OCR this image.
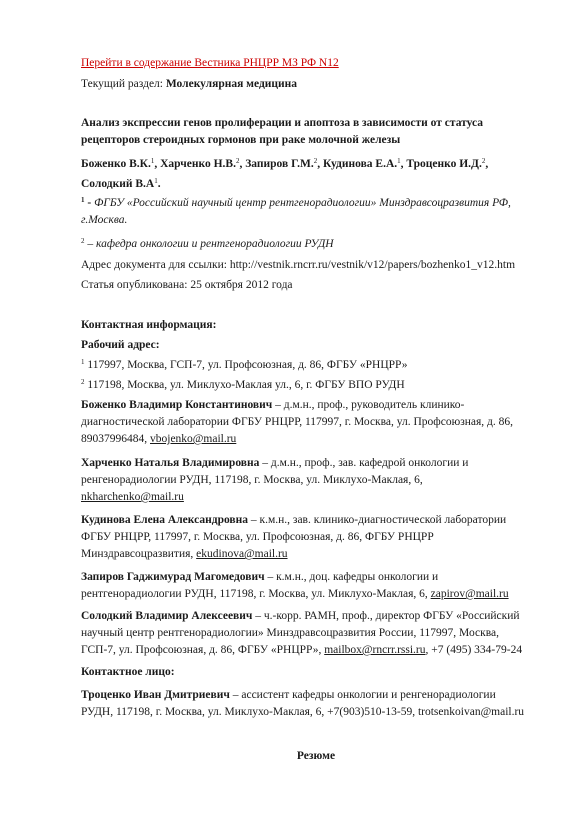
Перейти в содержание Вестника РНЦРР МЗ РФ N12
Текущий раздел: Молекулярная медицина
Анализ экспрессии генов пролиферации и апоптоза в зависимости от статуса
рецепторов стероидных гормонов при раке молочной железы
Боженко В.К.$^1$, Харченко Н.В.$^2$, Запиров Г.М.$^2$, Кудинова Е.А.$^1$, Троценко И.Д.$^2$,
Солодкий $В.А^1$.
$^1$ - ФГБУ «Российский научный центр рентгенорадиологии» Минздравсоцразвития РФ,
г.Москва.
$^2$ – кафедра онкологии и рентгенорадиологии РУДН
Адрес документа для ссылки: http://vestnik.rncrr.ru/vestnik/v12/papers/bozhenko1_v12.htm
Статья опубликована: 25 октября 2012 года
Контактная информация:
Рабочий адрес:
$^1$ 117997, Москва, ГСП-7, ул. Профсоюзная, д. 86, ФГБУ «РНЦРР»
$^2$ 117198, Москва, ул. Миклухо-Маклая ул., 6, г. ФГБУ ВПО РУДН
Боженко Владимир Константинович – д.м.н., проф., руководитель клинико-
диагностической лаборатории ФГБУ РНЦРР, 117997, г. Москва, ул. Профсоюзная, д. 86,
89037996484, vbojenko@mail.ru
Харченко Наталья Владимировна – д.м.н., проф., зав. кафедрой онкологии и
ренгенорадиологии РУДН, 117198, г. Москва, ул. Миклухо-Маклая, 6,
nkharchenko@mail.ru
Кудинова Елена Александровна – к.м.н., зав. клинико-диагностической лаборатории
ФГБУ РНЦРР, 117997, г. Москва, ул. Профсоюзная, д. 86, ФГБУ РНЦРР
Минздравсоцразвития, ekudinova@mail.ru
Запиров Гаджимурад Магомедович – к.м.н., доц. кафедры онкологии и
рентгенорадиологии РУДН, 117198, г. Москва, ул. Миклухо-Маклая, 6, zapirov@mail.ru
Солодкий Владимир Алексеевич – ч.-корр. РАМН, проф., директор ФГБУ «Российский
научный центр рентгенорадиологии» Минздравсоцразвития России, 117997, Москва,
ГСП-7, ул. Профсоюзная, д. 86, ФГБУ «РНЦРР», mailbox@rncrr.rssi.ru, +7 (495) 334-79-24
Контактное лицо:
Троценко Иван Дмитриевич – ассистент кафедры онкологии и ренгенорадиологии
РУДН, 117198, г. Москва, ул. Миклухо-Маклая, 6, +7(903)510-13-59, trotsenkoivan@mail.ru
Резюме
